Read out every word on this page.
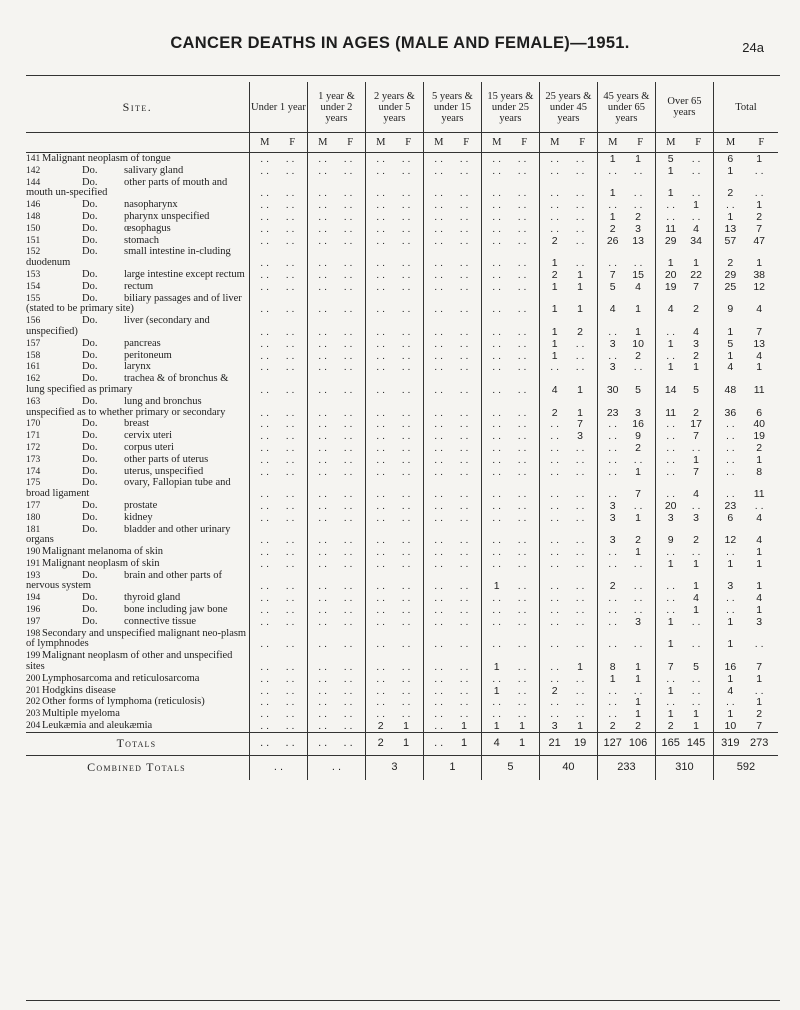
CANCER DEATHS IN AGES (MALE AND FEMALE)—1951.	24a
Site.	Under 1 year	1 year & under 2 years	2 years & under 5 years	5 years & under 15 years	15 years & under 25 years	25 years & under 45 years	45 years & under 65 years	Over 65 years	Total
	M F	M F	M F	M F	M F	M F	M F	M F	M F
141 Malignant neoplasm of tongue	. . . .	. . . .	. . . .	. . . .	. . . .	. . . .	1 1	5 . .	6 1
142 Do. salivary gland	. . . .	. . . .	. . . .	. . . .	. . . .	. . . .	. . . .	1 . .	1 . .
144 Do. other parts of mouth and mouth un-specified	. . . .	. . . .	. . . .	. . . .	. . . .	. . . .	1 . .	1 . .	2 . .
146 Do. nasopharynx	. . . .	. . . .	. . . .	. . . .	. . . .	. . . .	. . . .	. . 1	. . 1
148 Do. pharynx unspecified	. . . .	. . . .	. . . .	. . . .	. . . .	. . . .	1 2	. . . .	1 2
150 Do. œsophagus	. . . .	. . . .	. . . .	. . . .	. . . .	. . . .	2 3	11 4	13 7
151 Do. stomach	. . . .	. . . .	. . . .	. . . .	. . . .	2 . .	26 13	29 34	57 47
152 Do. small intestine in-cluding duodenum	. . . .	. . . .	. . . .	. . . .	. . . .	1 . .	. . . .	1 1	2 1
153 Do. large intestine except rectum	. . . .	. . . .	. . . .	. . . .	. . . .	2 1	7 15	20 22	29 38
154 Do. rectum	. . . .	. . . .	. . . .	. . . .	. . . .	1 1	5 4	19 7	25 12
155 Do. biliary passages and of liver (stated to be primary site)	. . . .	. . . .	. . . .	. . . .	. . . .	1 1	4 1	4 2	9 4
156 Do. liver (secondary and unspecified)	. . . .	. . . .	. . . .	. . . .	. . . .	1 2	. . 1	. . 4	1 7
157 Do. pancreas	. . . .	. . . .	. . . .	. . . .	. . . .	1 . .	3 10	1 3	5 13
158 Do. peritoneum	. . . .	. . . .	. . . .	. . . .	. . . .	1 . .	. . 2	. . 2	1 4
161 Do. larynx	. . . .	. . . .	. . . .	. . . .	. . . .	. . . .	3 . .	1 1	4 1
162 Do. trachea & of bronchus & lung specified as primary	. . . .	. . . .	. . . .	. . . .	. . . .	4 1	30 5	14 5	48 11
163 Do. lung and bronchus unspecified as to whether primary or secondary	. . . .	. . . .	. . . .	. . . .	. . . .	2 1	23 3	11 2	36 6
170 Do. breast	. . . .	. . . .	. . . .	. . . .	. . . .	. . 7	. . 16	. . 17	. . 40
171 Do. cervix uteri	. . . .	. . . .	. . . .	. . . .	. . . .	. . 3	. . 9	. . 7	. . 19
172 Do. corpus uteri	. . . .	. . . .	. . . .	. . . .	. . . .	. . . .	. . 2	. . . .	. . 2
173 Do. other parts of uterus	. . . .	. . . .	. . . .	. . . .	. . . .	. . . .	. . . .	. . 1	. . 1
174 Do. uterus, unspecified	. . . .	. . . .	. . . .	. . . .	. . . .	. . . .	. . 1	. . 7	. . 8
175 Do. ovary, Fallopian tube and broad ligament	. . . .	. . . .	. . . .	. . . .	. . . .	. . . .	. . 7	. . 4	. . 11
177 Do. prostate	. . . .	. . . .	. . . .	. . . .	. . . .	. . . .	3 . .	20 . .	23 . .
180 Do. kidney	. . . .	. . . .	. . . .	. . . .	. . . .	. . . .	3 1	3 3	6 4
181 Do. bladder and other urinary organs	. . . .	. . . .	. . . .	. . . .	. . . .	. . . .	3 2	9 2	12 4
190 Malignant melanoma of skin	. . . .	. . . .	. . . .	. . . .	. . . .	. . . .	. . 1	. . . .	. . 1
191 Malignant neoplasm of skin	. . . .	. . . .	. . . .	. . . .	. . . .	. . . .	. . . .	1 1	1 1
193 Do. brain and other parts of nervous system	. . . .	. . . .	. . . .	. . . .	1 . .	. . . .	2 . .	. . 1	3 1
194 Do. thyroid gland	. . . .	. . . .	. . . .	. . . .	. . . .	. . . .	. . . .	. . 4	. . 4
196 Do. bone including jaw bone	. . . .	. . . .	. . . .	. . . .	. . . .	. . . .	. . . .	. . 1	. . 1
197 Do. connective tissue	. . . .	. . . .	. . . .	. . . .	. . . .	. . . .	. . 3	1 . .	1 3
198 Secondary and unspecified malignant neo-plasm of lymphnodes	. . . .	. . . .	. . . .	. . . .	. . . .	. . . .	. . . .	1 . .	1 . .
199 Malignant neoplasm of other and unspecified sites	. . . .	. . . .	. . . .	. . . .	1 . .	. . 1	8 1	7 5	16 7
200 Lymphosarcoma and reticulosarcoma	. . . .	. . . .	. . . .	. . . .	. . . .	. . . .	1 1	. . . .	1 1
201 Hodgkins disease	. . . .	. . . .	. . . .	. . . .	1 . .	2 . .	. . . .	1 . .	4 . .
202 Other forms of lymphoma (reticulosis)	. . . .	. . . .	. . . .	. . . .	. . . .	. . . .	. . 1	. . . .	. . 1
203 Multiple myeloma	. . . .	. . . .	. . . .	. . . .	. . . .	. . . .	. . 1	1 1	1 2
204 Leukæmia and aleukæmia	. . . .	. . . .	2 1	. . 1	1 1	3 1	2 2	2 1	10 7
Totals	. . . .	. . . .	2 1	. . 1	4 1	21 19	127 106	165 145	319 273
Combined Totals	. .	. .	3	1	5	40	233	310	592
